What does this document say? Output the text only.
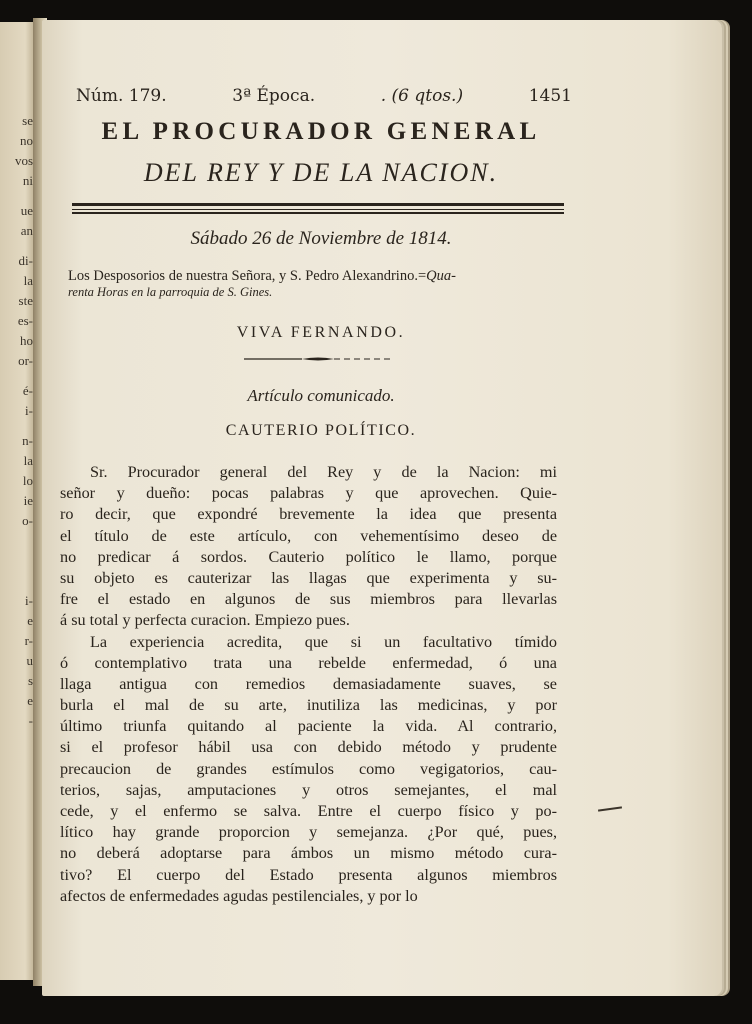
se
no
vos
ni
ue
an
di-
la
ste
es-
ho
or-
é-
i-
n-
la
lo
ie
o-
i-
e
r-
u
s
e
-
Núm. 179.	3ª Época.	. (6 qtos.)	1451
EL PROCURADOR GENERAL
DEL REY Y DE LA NACION.
Sábado 26 de Noviembre de 1814.
Los Desposorios de nuestra Señora, y S. Pedro Alexandrino.=Qua-
renta Horas en la parroquia de S. Gines.
VIVA FERNANDO.
Artículo comunicado.
CAUTERIO POLÍTICO.
Sr. Procurador general del Rey y de la Nacion: mi
señor y dueño: pocas palabras y que aprovechen. Quie-
ro decir, que expondré brevemente la idea que presenta
el título de este artículo, con vehementísimo deseo de
no predicar á sordos. Cauterio político le llamo, porque
su objeto es cauterizar las llagas que experimenta y su-
fre el estado en algunos de sus miembros para llevarlas
á su total y perfecta curacion. Empiezo pues.
La experiencia acredita, que si un facultativo tímido
ó contemplativo trata una rebelde enfermedad, ó una
llaga antigua con remedios demasiadamente suaves, se
burla el mal de su arte, inutiliza las medicinas, y por
último triunfa quitando al paciente la vida. Al contrario,
si el profesor hábil usa con debido método y prudente
precaucion de grandes estímulos como vegigatorios, cau-
terios, sajas, amputaciones y otros semejantes, el mal
cede, y el enfermo se salva. Entre el cuerpo físico y po-
lítico hay grande proporcion y semejanza. ¿Por qué, pues,
no deberá adoptarse para ámbos un mismo método cura-
tivo? El cuerpo del Estado presenta algunos miembros
afectos de enfermedades agudas pestilenciales, y por lo
